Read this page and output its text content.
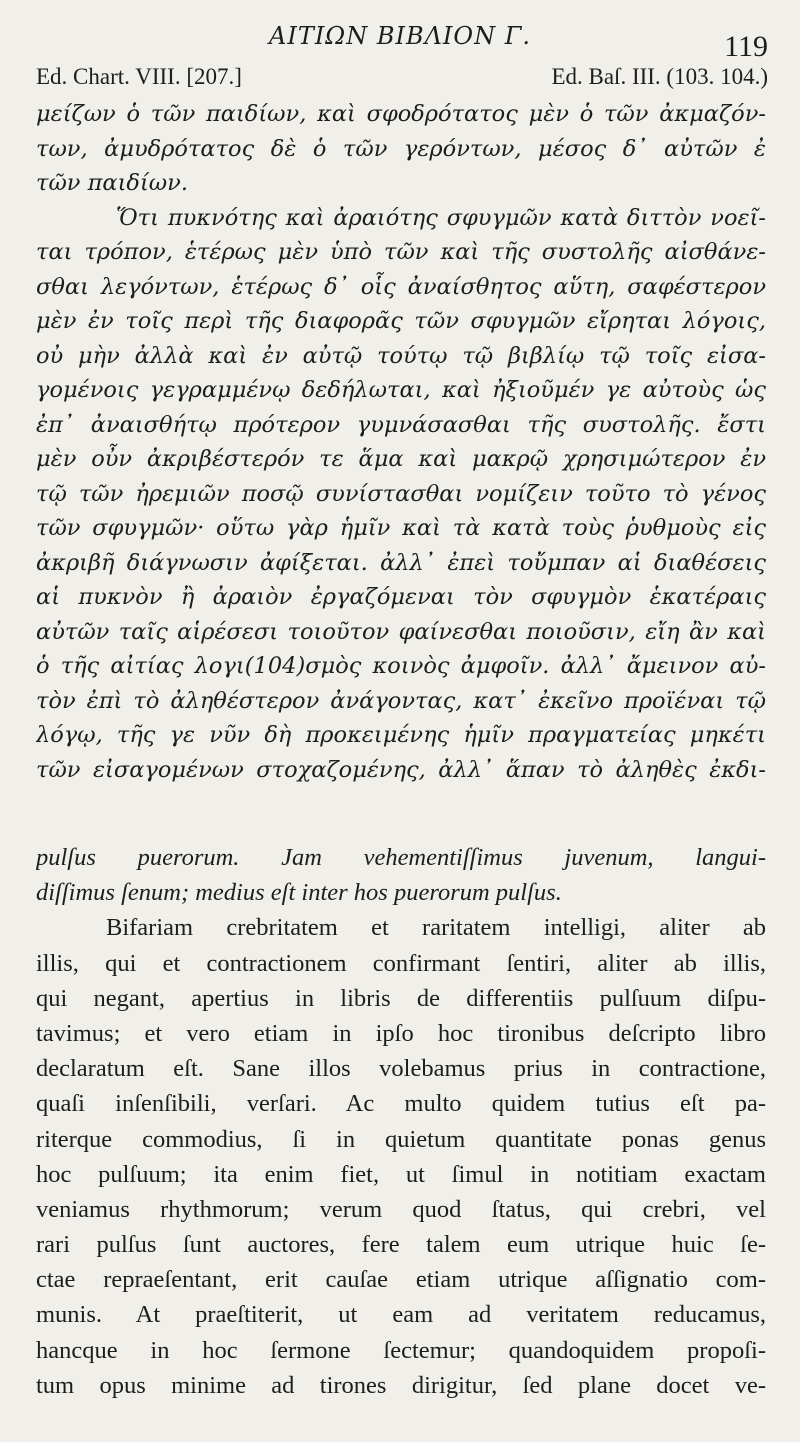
ΑΙΤΙΩΝ ΒΙΒΛΙΟΝ Γ.	119
Ed. Chart. VIII. [207.]	Ed. Baſ. III. (103. 104.)
μείζων ὁ τῶν παιδίων, καὶ σφοδρότατος μὲν ὁ τῶν ἀκμαζόν-
των, ἀμυδρότατος δὲ ὁ τῶν γερόντων, μέσος δ᾽ αὐτῶν ἐ
τῶν παιδίων.
Ὅτι πυκνότης καὶ ἀραιότης σφυγμῶν κατὰ διττὸν νοεῖ-
ται τρόπον, ἑτέρως μὲν ὑπὸ τῶν καὶ τῆς συστολῆς αἰσθάνε-
σθαι λεγόντων, ἑτέρως δ᾽ οἷς ἀναίσθητος αὕτη, σαφέστερον
μὲν ἐν τοῖς περὶ τῆς διαφορᾶς τῶν σφυγμῶν εἴρηται λόγοις,
οὐ μὴν ἀλλὰ καὶ ἐν αὐτῷ τούτῳ τῷ βιβλίῳ τῷ τοῖς εἰσα-
γομένοις γεγραμμένῳ δεδήλωται, καὶ ἠξιοῦμέν γε αὐτοὺς ὡς
ἐπ᾽ ἀναισθήτῳ πρότερον γυμνάσασθαι τῆς συστολῆς. ἔστι
μὲν οὖν ἀκριβέστερόν τε ἅμα καὶ μακρῷ χρησιμώτερον ἐν
τῷ τῶν ἠρεμιῶν ποσῷ συνίστασθαι νομίζειν τοῦτο τὸ γένος
τῶν σφυγμῶν· οὕτω γὰρ ἡμῖν καὶ τὰ κατὰ τοὺς ῥυθμοὺς εἰς
ἀκριβῆ διάγνωσιν ἀφίξεται. ἀλλ᾽ ἐπεὶ τοὔμπαν αἱ διαθέσεις
αἱ πυκνὸν ἢ ἀραιὸν ἐργαζόμεναι τὸν σφυγμὸν ἑκατέραις
αὐτῶν ταῖς αἱρέσεσι τοιοῦτον φαίνεσθαι ποιοῦσιν, εἴη ἂν καὶ
ὁ τῆς αἰτίας λογι(104)σμὸς κοινὸς ἀμφοῖν. ἀλλ᾽ ἄμεινον αὐ-
τὸν ἐπὶ τὸ ἀληθέστερον ἀνάγοντας, κατ᾽ ἐκεῖνο προϊέναι τῷ
λόγῳ, τῆς γε νῦν δὴ προκειμένης ἡμῖν πραγματείας μηκέτι
τῶν εἰσαγομένων στοχαζομένης, ἀλλ᾽ ἅπαν τὸ ἀληθὲς ἐκδι-
pulſus puerorum. Jam vehementiſſimus juvenum, langui-
diſſimus ſenum; medius eſt inter hos puerorum pulſus.
Bifariam crebritatem et raritatem intelligi, aliter ab
illis, qui et contractionem confirmant ſentiri, aliter ab illis,
qui negant, apertius in libris de differentiis pulſuum diſpu-
tavimus; et vero etiam in ipſo hoc tironibus deſcripto libro
declaratum eſt. Sane illos volebamus prius in contractione,
quaſi inſenſibili, verſari. Ac multo quidem tutius eſt pa-
riterque commodius, ſi in quietum quantitate ponas genus
hoc pulſuum; ita enim fiet, ut ſimul in notitiam exactam
veniamus rhythmorum; verum quod ſtatus, qui crebri, vel
rari pulſus ſunt auctores, fere talem eum utrique huic ſe-
ctae repraeſentant, erit cauſae etiam utrique aſſignatio com-
munis. At praeſtiterit, ut eam ad veritatem reducamus,
hancque in hoc ſermone ſectemur; quandoquidem propoſi-
tum opus minime ad tirones dirigitur, ſed plane docet ve-
